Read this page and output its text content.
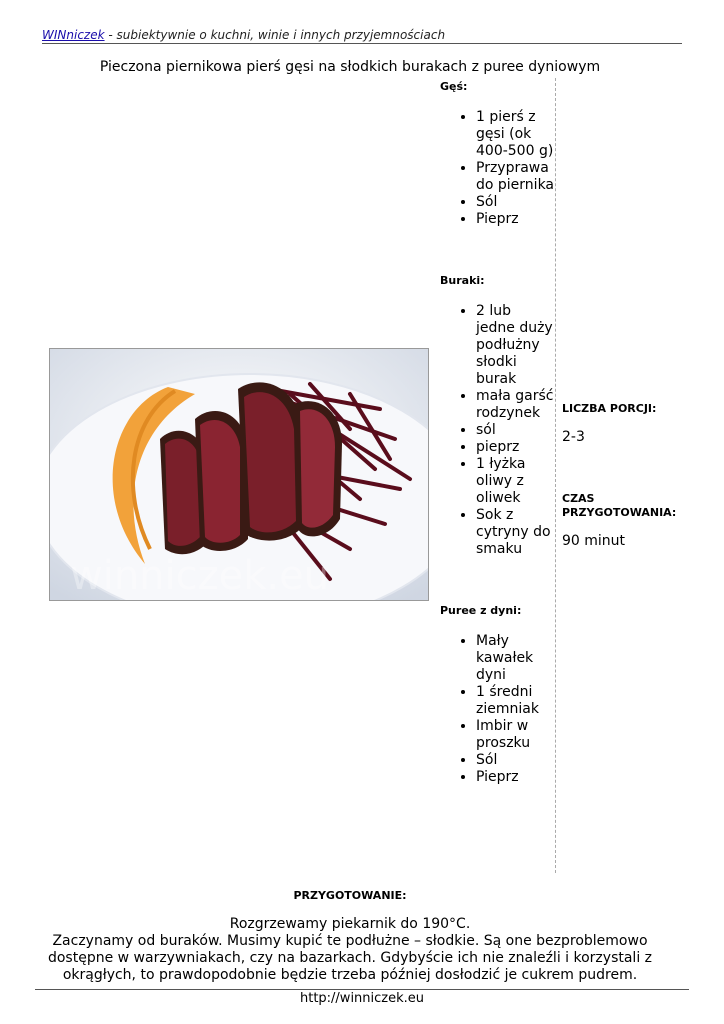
WINniczek - subiektywnie o kuchni, winie i innych przyjemnościach
Pieczona piernikowa pierś gęsi na słodkich burakach z puree dyniowym
winniczek.eu
Gęś:
• 1 pierś z gęsi (ok 400-500 g)
• Przyprawa do piernika
• Sól
• Pieprz
Buraki:
• 2 lub jedne duży podłużny słodki burak
• mała garść rodzynek
• sól
• pieprz
• 1 łyżka oliwy z oliwek
• Sok z cytryny do smaku
Puree z dyni:
• Mały kawałek dyni
• 1 średni ziemniak
• Imbir w proszku
• Sól
• Pieprz
LICZBA PORCJI:
2-3
CZAS PRZYGOTOWANIA:
90 minut
PRZYGOTOWANIE:

Rozgrzewamy piekarnik do 190°C.

Zaczynamy od buraków. Musimy kupić te podłużne – słodkie. Są one bezproblemowo dostępne w warzywniakach, czy na bazarkach. Gdybyście ich nie znaleźli i korzystali z okrągłych, to prawdopodobnie będzie trzeba później dosłodzić je cukrem pudrem.

http://winniczek.eu
